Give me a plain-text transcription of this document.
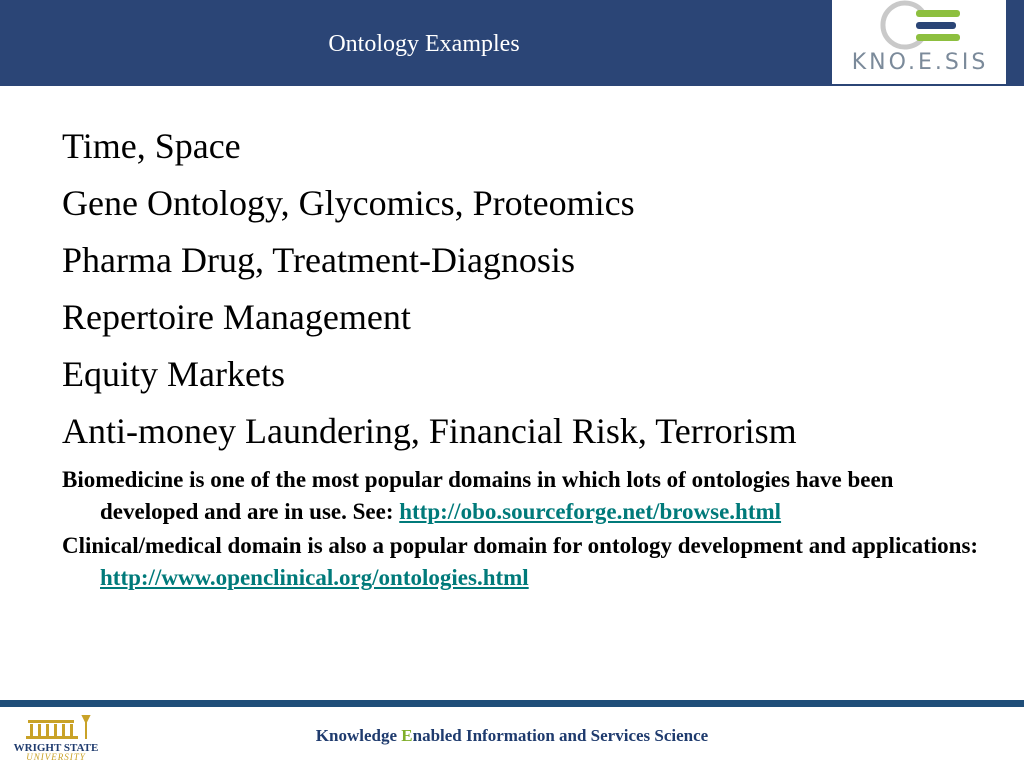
Ontology Examples
KNO.E.SIS
Time, Space
Gene Ontology, Glycomics, Proteomics
Pharma Drug, Treatment-Diagnosis
Repertoire Management
Equity Markets
Anti-money Laundering, Financial Risk, Terrorism
Biomedicine is one of the most popular domains in which lots of ontologies have been developed and are in use. See: http://obo.sourceforge.net/browse.html
Clinical/medical domain is also a popular domain for ontology development and applications: http://www.openclinical.org/ontologies.html
WRIGHT STATE
UNIVERSITY
Knowledge Enabled Information and Services Science
